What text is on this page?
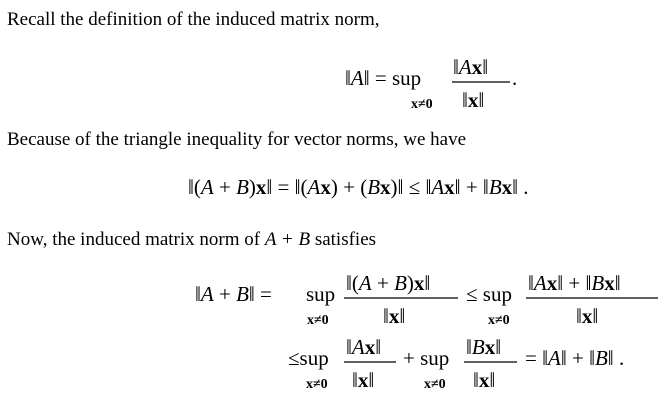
Recall the definition of the induced matrix norm,
‖A‖ = sup
x≠0
‖Ax‖
‖x‖
.
Because of the triangle inequality for vector norms, we have
‖(A + B)x‖ = ‖(Ax) + (Bx)‖ ≤ ‖Ax‖ + ‖Bx‖ .
Now, the induced matrix norm of A + B satisfies
‖A + B‖ = sup
x≠0
‖(A + B)x‖
‖x‖
≤ sup
x≠0
‖Ax‖ + ‖Bx‖
‖x‖
≤sup
x≠0
‖Ax‖
‖x‖
+ sup
x≠0
‖Bx‖
‖x‖
= ‖A‖ + ‖B‖ .
